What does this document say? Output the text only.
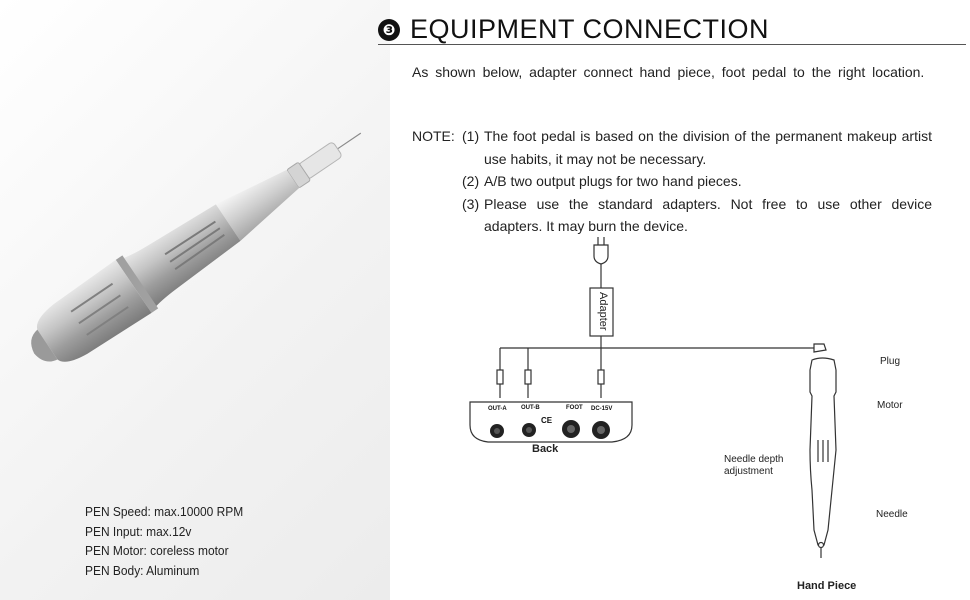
PEN Speed: max.10000 RPM
PEN Input: max.12v
PEN Motor: coreless motor
PEN Body: Aluminum
❸ EQUIPMENT CONNECTION
As shown below, adapter connect hand piece, foot pedal to the right location.
NOTE: (1) The foot pedal is based on the division of the permanent makeup artist use habits, it may not be necessary.
(2) A/B two output plugs for two hand pieces.
(3) Please use the standard adapters. Not free to use other device adapters. It may burn the device.
Adapter
OUT-A OUT-B	FOOT DC-15V
CE
Back
Plug
Motor
Needle depth adjustment
Needle
Hand Piece
